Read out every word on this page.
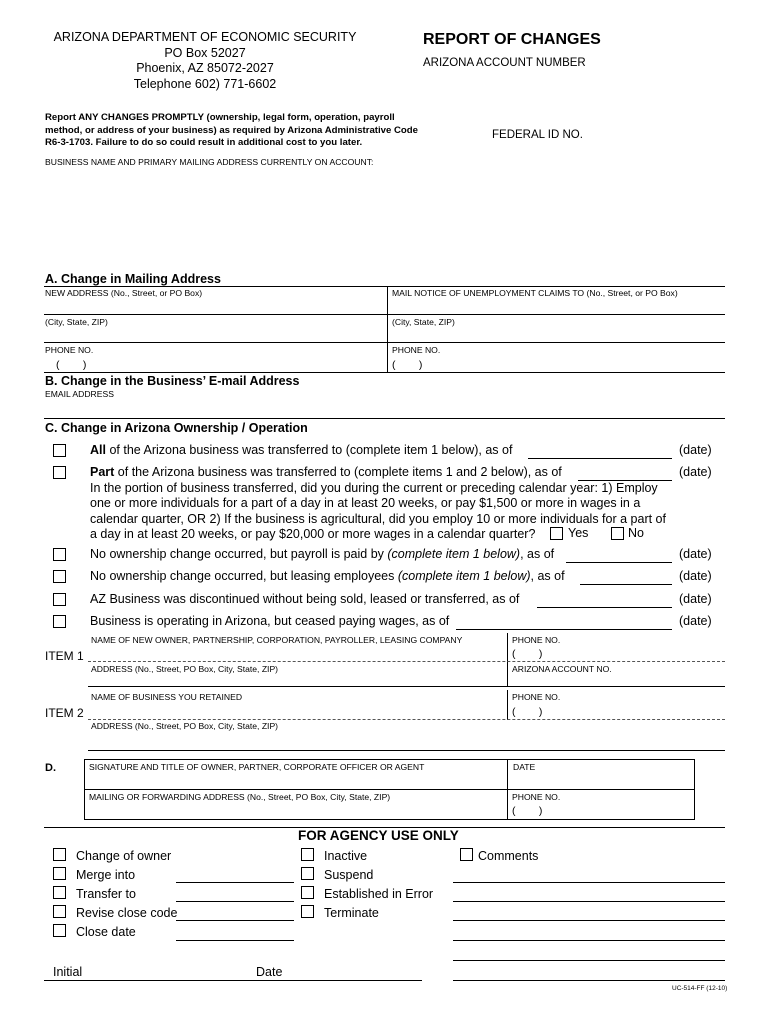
ARIZONA DEPARTMENT OF ECONOMIC SECURITY
PO Box 52027
Phoenix, AZ 85072-2027
Telephone 602) 771-6602
REPORT OF CHANGES
ARIZONA ACCOUNT NUMBER
FEDERAL ID NO.
Report ANY CHANGES PROMPTLY (ownership, legal form, operation, payroll
method, or address of your business) as required by Arizona Administrative Code
R6-3-1703. Failure to do so could result in additional cost to you later.
BUSINESS NAME AND PRIMARY MAILING ADDRESS CURRENTLY ON ACCOUNT:
A. Change in Mailing Address
NEW ADDRESS (No., Street, or PO Box)	MAIL NOTICE OF UNEMPLOYMENT CLAIMS TO (No., Street, or PO Box)
(City, State, ZIP)	(City, State, ZIP)
PHONE NO.	PHONE NO.
(        )	(        )
B. Change in the Business’ E-mail Address
EMAIL ADDRESS
C. Change in Arizona Ownership / Operation
All of the Arizona business was transferred to (complete item 1 below), as of	(date)
Part of the Arizona business was transferred to (complete items 1 and 2 below), as of
In the portion of business transferred, did you during the current or preceding calendar year: 1) Employ
one or more individuals for a part of a day in at least 20 weeks, or pay $1,500 or more in wages in a
calendar quarter, OR 2) If the business is agricultural, did you employ 10 or more individuals for a part of
a day in at least 20 weeks, or pay $20,000 or more wages in a calendar quarter?
(date)
Yes	No
No ownership change occurred, but payroll is paid by (complete item 1 below), as of	(date)
No ownership change occurred, but leasing employees (complete item 1 below), as of	(date)
AZ Business was discontinued without being sold, leased or transferred, as of	(date)
Business is operating in Arizona, but ceased paying wages, as of	(date)
NAME OF NEW OWNER, PARTNERSHIP, CORPORATION, PAYROLLER, LEASING COMPANY	PHONE NO.
ITEM 1	(        )
ADDRESS (No., Street, PO Box, City, State, ZIP)	ARIZONA ACCOUNT NO.
NAME OF BUSINESS YOU RETAINED	PHONE NO.
ITEM 2	(        )
ADDRESS (No., Street, PO Box, City, State, ZIP)
D.	SIGNATURE AND TITLE OF OWNER, PARTNER, CORPORATE OFFICER OR AGENT	DATE
MAILING OR FORWARDING ADDRESS (No., Street, PO Box, City, State, ZIP)	PHONE NO.
(        )
FOR AGENCY USE ONLY
Change of owner
Merge into
Transfer to
Revise close code
Close date
Inactive
Suspend
Established in Error
Terminate
Comments
Initial	Date
UC-514-FF (12-10)
